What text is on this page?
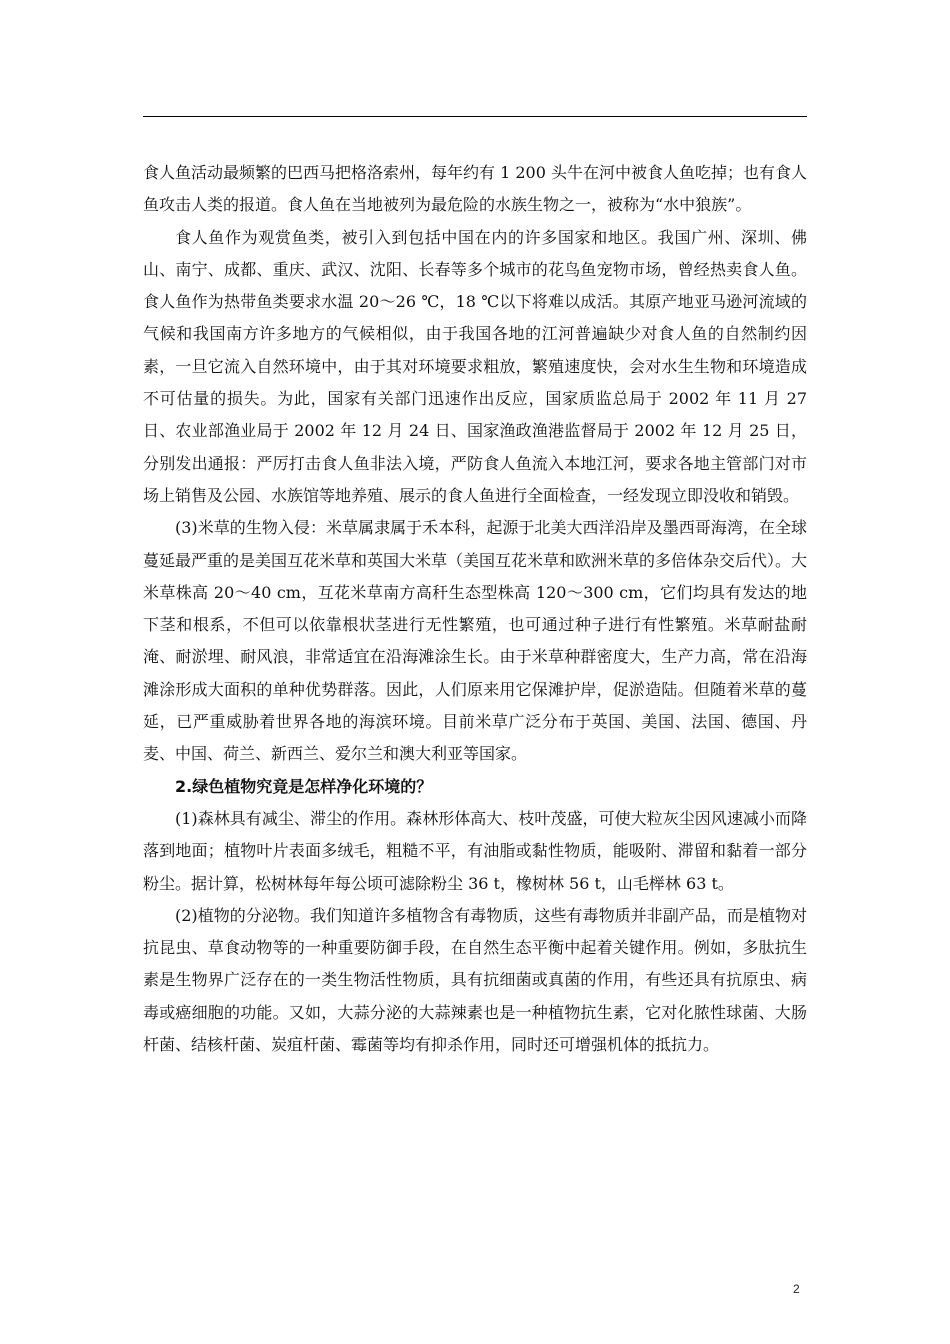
食人鱼活动最频繁的巴西马把格洛索州，每年约有 1 200 头牛在河中被食人鱼吃掉；也有食人鱼攻击人类的报道。食人鱼在当地被列为最危险的水族生物之一，被称为“水中狼族”。

食人鱼作为观赏鱼类，被引入到包括中国在内的许多国家和地区。我国广州、深圳、佛山、南宁、成都、重庆、武汉、沈阳、长春等多个城市的花鸟鱼宠物市场，曾经热卖食人鱼。食人鱼作为热带鱼类要求水温 20～26 ℃，18 ℃以下将难以成活。其原产地亚马逊河流域的气候和我国南方许多地方的气候相似，由于我国各地的江河普遍缺少对食人鱼的自然制约因素，一旦它流入自然环境中，由于其对环境要求粗放，繁殖速度快，会对水生生物和环境造成不可估量的损失。为此，国家有关部门迅速作出反应，国家质监总局于 2002 年 11 月 27 日、农业部渔业局于 2002 年 12 月 24 日、国家渔政渔港监督局于 2002 年 12 月 25 日，分别发出通报：严厉打击食人鱼非法入境，严防食人鱼流入本地江河，要求各地主管部门对市场上销售及公园、水族馆等地养殖、展示的食人鱼进行全面检查，一经发现立即没收和销毁。

(3)米草的生物入侵：米草属隶属于禾本科，起源于北美大西洋沿岸及墨西哥海湾，在全球蔓延最严重的是美国互花米草和英国大米草（美国互花米草和欧洲米草的多倍体杂交后代）。大米草株高 20～40 cm，互花米草南方高秆生态型株高 120～300 cm，它们均具有发达的地下茎和根系，不但可以依靠根状茎进行无性繁殖，也可通过种子进行有性繁殖。米草耐盐耐淹、耐淤埋、耐风浪，非常适宜在沿海滩涂生长。由于米草种群密度大，生产力高，常在沿海滩涂形成大面积的单种优势群落。因此，人们原来用它保滩护岸，促淤造陆。但随着米草的蔓延，已严重威胁着世界各地的海滨环境。目前米草广泛分布于英国、美国、法国、德国、丹麦、中国、荷兰、新西兰、爱尔兰和澳大利亚等国家。

2.绿色植物究竟是怎样净化环境的？

(1)森林具有减尘、滞尘的作用。森林形体高大、枝叶茂盛，可使大粒灰尘因风速减小而降落到地面；植物叶片表面多绒毛，粗糙不平，有油脂或黏性物质，能吸附、滞留和黏着一部分粉尘。据计算，松树林每年每公顷可滤除粉尘 36 t，橡树林 56 t，山毛榉林 63 t。

(2)植物的分泌物。我们知道许多植物含有毒物质，这些有毒物质并非副产品，而是植物对抗昆虫、草食动物等的一种重要防御手段，在自然生态平衡中起着关键作用。例如，多肽抗生素是生物界广泛存在的一类生物活性物质，具有抗细菌或真菌的作用，有些还具有抗原虫、病毒或癌细胞的功能。又如，大蒜分泌的大蒜辣素也是一种植物抗生素，它对化脓性球菌、大肠杆菌、结核杆菌、炭疽杆菌、霉菌等均有抑杀作用，同时还可增强机体的抵抗力。

2
